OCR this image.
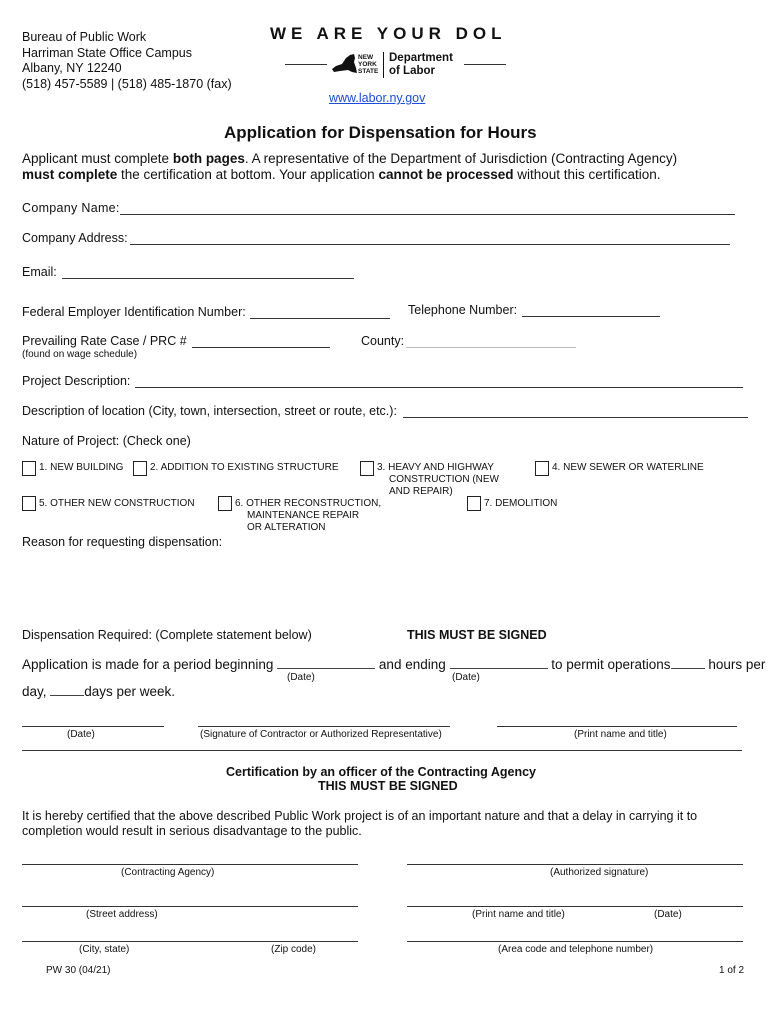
Bureau of Public Work
Harriman State Office Campus
Albany, NY 12240
(518) 457-5589 | (518) 485-1870 (fax)
WE ARE YOUR DOL
NEW
YORK
STATE
Department
of Labor
www.labor.ny.gov
Application for Dispensation for Hours
Applicant must complete both pages. A representative of the Department of Jurisdiction (Contracting Agency)
must complete the certification at bottom. Your application cannot be processed without this certification.
Company Name:
Company Address:
Email:
Federal Employer Identification Number:	Telephone Number:
Prevailing Rate Case / PRC #	County:
(found on wage schedule)
Project Description:
Description of location (City, town, intersection, street or route, etc.):
Nature of Project: (Check one)
1. NEW BUILDING	2. ADDITION TO EXISTING STRUCTURE	3. HEAVY AND HIGHWAY
CONSTRUCTION (NEW
AND REPAIR)
4. NEW SEWER OR WATERLINE
5. OTHER NEW CONSTRUCTION	6. OTHER RECONSTRUCTION,
MAINTENANCE REPAIR
OR ALTERATION
7. DEMOLITION
Reason for requesting dispensation:
Dispensation Required: (Complete statement below)	THIS MUST BE SIGNED
Application is made for a period beginning	and ending	to permit operations	hours per
(Date)	(Date)
day,	days per week.
(Date)	(Signature of Contractor or Authorized Representative)	(Print name and title)
Certification by an officer of the Contracting Agency
THIS MUST BE SIGNED
It is hereby certified that the above described Public Work project is of an important nature and that a delay in carrying it to
completion would result in serious disadvantage to the public.
(Contracting Agency)	(Authorized signature)
(Street address)	(Print name and title)	(Date)
(City, state)	(Zip code)	(Area code and telephone number)
PW 30 (04/21)	1 of 2
